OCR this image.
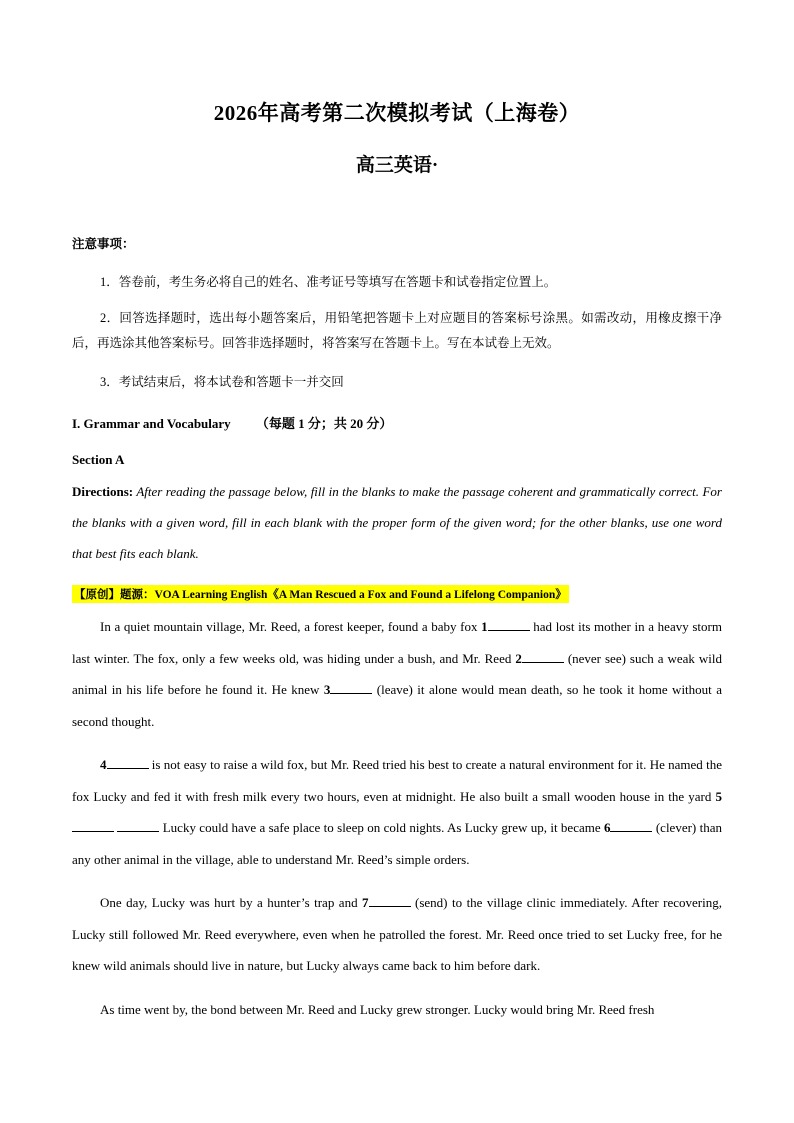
2026年高考第二次模拟考试（上海卷）
高三英语·
注意事项：
1．答卷前，考生务必将自己的姓名、准考证号等填写在答题卡和试卷指定位置上。
2．回答选择题时，选出每小题答案后，用铅笔把答题卡上对应题目的答案标号涂黑。如需改动，用橡皮擦干净后，再选涂其他答案标号。回答非选择题时，将答案写在答题卡上。写在本试卷上无效。
3．考试结束后，将本试卷和答题卡一并交回
I. Grammar and Vocabulary （每题 1 分；共 20 分）
Section A
Directions: After reading the passage below, fill in the blanks to make the passage coherent and grammatically correct. For the blanks with a given word, fill in each blank with the proper form of the given word; for the other blanks, use one word that best fits each blank.
【原创】题源：VOA Learning English《A Man Rescued a Fox and Found a Lifelong Companion》
In a quiet mountain village, Mr. Reed, a forest keeper, found a baby fox 1	had lost its mother in a heavy storm last winter. The fox, only a few weeks old, was hiding under a bush, and Mr. Reed 2	(never see) such a weak wild animal in his life before he found it. He knew 3	(leave) it alone would mean death, so he took it home without a second thought.
4	is not easy to raise a wild fox, but Mr. Reed tried his best to create a natural environment for it. He named the fox Lucky and fed it with fresh milk every two hours, even at midnight. He also built a small wooden house in the yard 5  Lucky could have a safe place to sleep on cold nights. As Lucky grew up, it became 6	(clever) than any other animal in the village, able to understand Mr. Reed’s simple orders.
One day, Lucky was hurt by a hunter’s trap and 7	(send) to the village clinic immediately. After recovering, Lucky still followed Mr. Reed everywhere, even when he patrolled the forest. Mr. Reed once tried to set Lucky free, for he knew wild animals should live in nature, but Lucky always came back to him before dark.
As time went by, the bond between Mr. Reed and Lucky grew stronger. Lucky would bring Mr. Reed fresh
